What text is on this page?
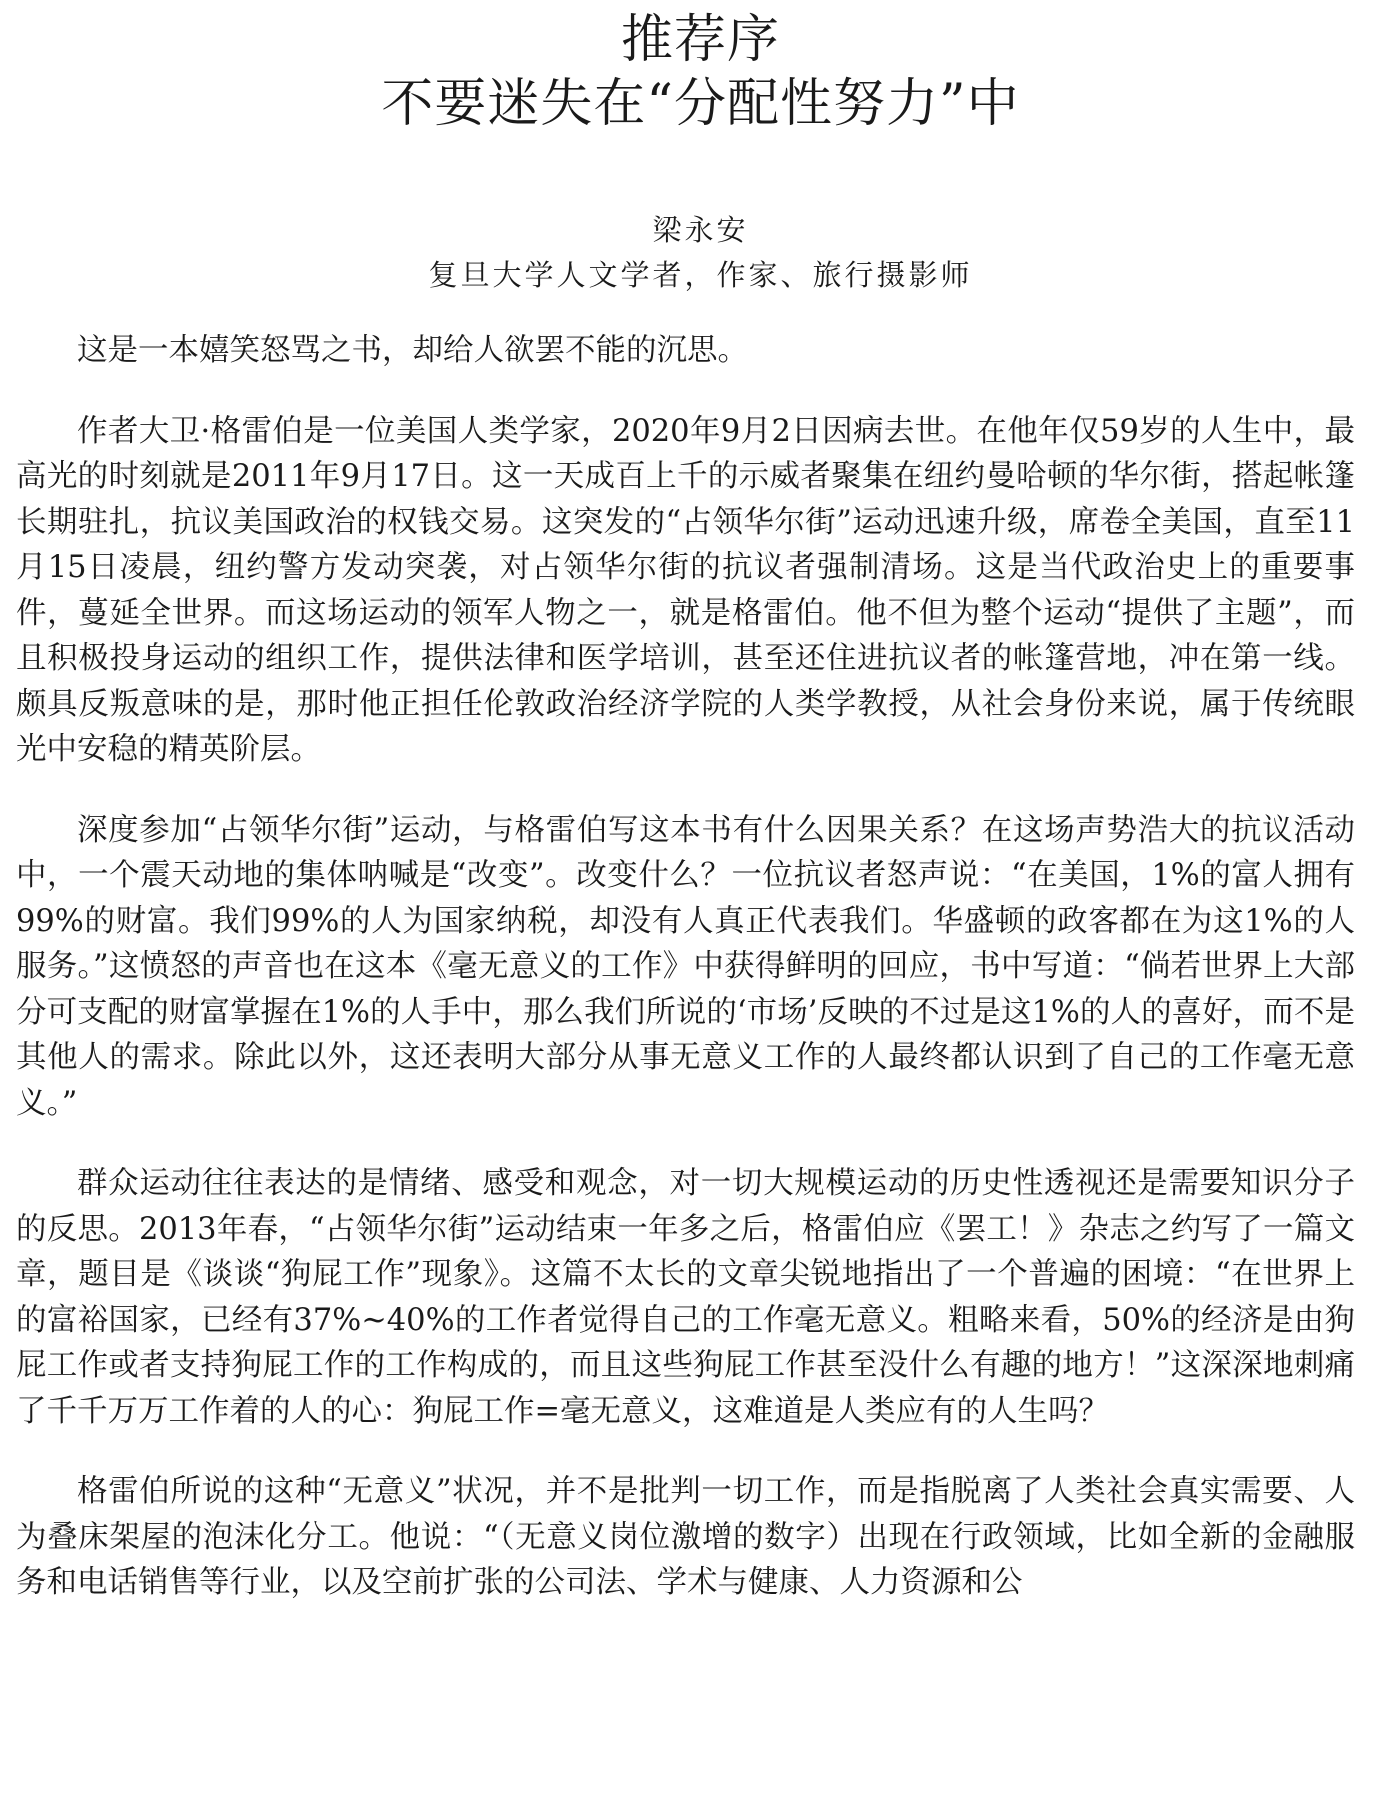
推荐序
不要迷失在“分配性努力”中
梁永安
复旦大学人文学者，作家、旅行摄影师

这是一本嬉笑怒骂之书，却给人欲罢不能的沉思。

作者大卫·格雷伯是一位美国人类学家，2020年9月2日因病去世。在他年仅59岁的人生中，最高光的时刻就是2011年9月17日。这一天成百上千的示威者聚集在纽约曼哈顿的华尔街，搭起帐篷长期驻扎，抗议美国政治的权钱交易。这突发的“占领华尔街”运动迅速升级，席卷全美国，直至11月15日凌晨，纽约警方发动突袭，对占领华尔街的抗议者强制清场。这是当代政治史上的重要事件，蔓延全世界。而这场运动的领军人物之一，就是格雷伯。他不但为整个运动“提供了主题”，而且积极投身运动的组织工作，提供法律和医学培训，甚至还住进抗议者的帐篷营地，冲在第一线。颇具反叛意味的是，那时他正担任伦敦政治经济学院的人类学教授，从社会身份来说，属于传统眼光中安稳的精英阶层。

深度参加“占领华尔街”运动，与格雷伯写这本书有什么因果关系？在这场声势浩大的抗议活动中，一个震天动地的集体呐喊是“改变”。改变什么？一位抗议者怒声说：“在美国，1%的富人拥有99%的财富。我们99%的人为国家纳税，却没有人真正代表我们。华盛顿的政客都在为这1%的人服务。”这愤怒的声音也在这本《毫无意义的工作》中获得鲜明的回应，书中写道：“倘若世界上大部分可支配的财富掌握在1%的人手中，那么我们所说的‘市场’反映的不过是这1%的人的喜好，而不是其他人的需求。除此以外，这还表明大部分从事无意义工作的人最终都认识到了自己的工作毫无意义。”

群众运动往往表达的是情绪、感受和观念，对一切大规模运动的历史性透视还是需要知识分子的反思。2013年春，“占领华尔街”运动结束一年多之后，格雷伯应《罢工！》杂志之约写了一篇文章，题目是《谈谈“狗屁工作”现象》。这篇不太长的文章尖锐地指出了一个普遍的困境：“在世界上的富裕国家，已经有37%~40%的工作者觉得自己的工作毫无意义。粗略来看，50%的经济是由狗屁工作或者支持狗屁工作的工作构成的，而且这些狗屁工作甚至没什么有趣的地方！”这深深地刺痛了千千万万工作着的人的心：狗屁工作=毫无意义，这难道是人类应有的人生吗？

格雷伯所说的这种“无意义”状况，并不是批判一切工作，而是指脱离了人类社会真实需要、人为叠床架屋的泡沫化分工。他说：“（无意义岗位激增的数字）出现在行政领域，比如全新的金融服务和电话销售等行业，以及空前扩张的公司法、学术与健康、人力资源和公
